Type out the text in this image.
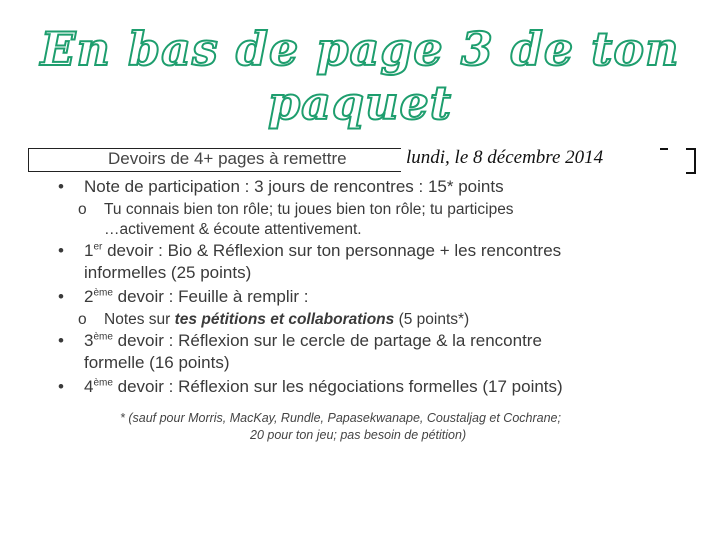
En bas de page 3 de ton paquet
Devoirs de 4+ pages à remettre	lundi, le 8 décembre 2014
•	Note de participation : 3 jours de rencontres : 15* points
o Tu connais bien ton rôle; tu joues bien ton rôle; tu participes
…activement & écoute attentivement.
•	1er devoir : Bio & Réflexion sur ton personnage + les rencontres
informelles (25 points)
•	2ème devoir : Feuille à remplir :
o Notes sur tes pétitions et collaborations (5 points*)
•	3ème devoir : Réflexion sur le cercle de partage & la rencontre
formelle (16 points)
•	4ème devoir : Réflexion sur les négociations formelles (17 points)
* (sauf pour Morris, MacKay, Rundle, Papasekwanape, Coustaljag et Cochrane;
20 pour ton jeu; pas besoin de pétition)
